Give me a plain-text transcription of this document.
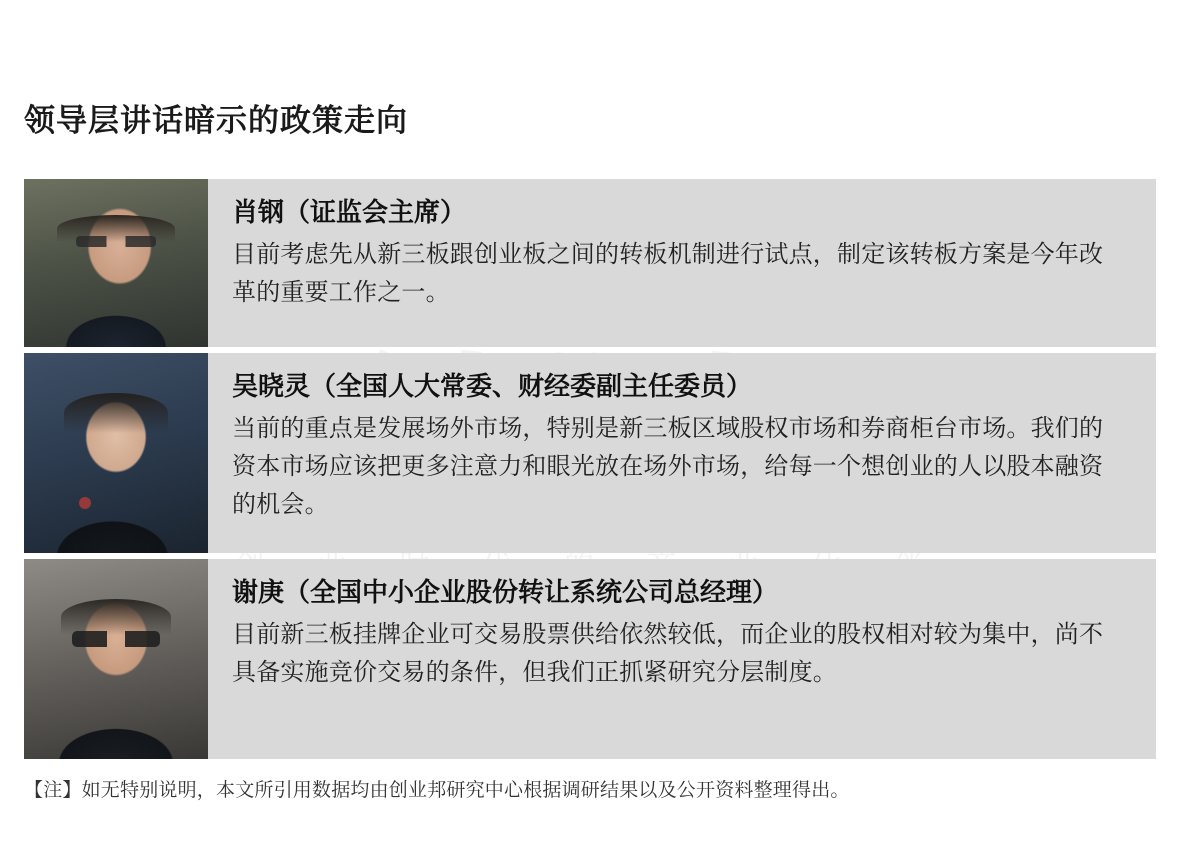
领导层讲话暗示的政策走向
肖钢（证监会主席）
目前考虑先从新三板跟创业板之间的转板机制进行试点，制定该转板方案是今年改革的重要工作之一。
吴晓灵（全国人大常委、财经委副主任委员）
当前的重点是发展场外市场，特别是新三板区域股权市场和券商柜台市场。我们的资本市场应该把更多注意力和眼光放在场外市场，给每一个想创业的人以股本融资的机会。
谢庚（全国中小企业股份转让系统公司总经理）
目前新三板挂牌企业可交易股票供给依然较低，而企业的股权相对较为集中，尚不具备实施竞价交易的条件，但我们正抓紧研究分层制度。
【注】如无特别说明，本文所引用数据均由创业邦研究中心根据调研结果以及公开资料整理得出。
